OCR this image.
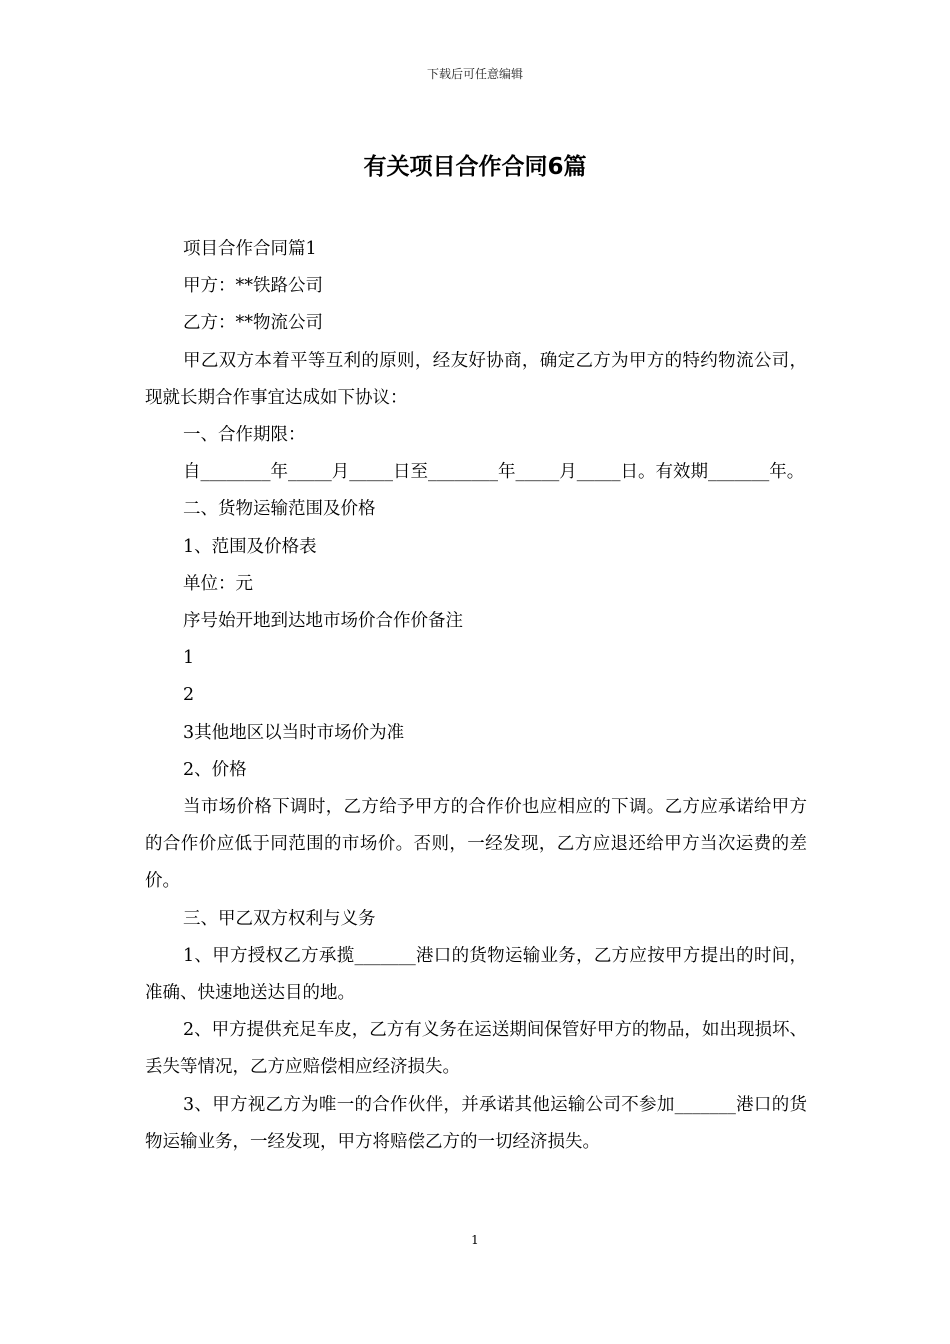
下载后可任意编辑
有关项目合作合同6篇

项目合作合同篇1

甲方：**铁路公司

乙方：**物流公司

甲乙双方本着平等互利的原则，经友好协商，确定乙方为甲方的特约物流公司，现就长期合作事宜达成如下协议：

一、合作期限：

自________年_____月_____日至________年_____月_____日。有效期_______年。

二、货物运输范围及价格

1、范围及价格表

单位：元

序号始开地到达地市场价合作价备注

1

2

3其他地区以当时市场价为准

2、价格

当市场价格下调时，乙方给予甲方的合作价也应相应的下调。乙方应承诺给甲方的合作价应低于同范围的市场价。否则，一经发现，乙方应退还给甲方当次运费的差价。

三、甲乙双方权利与义务

1、甲方授权乙方承揽_______港口的货物运输业务，乙方应按甲方提出的时间，准确、快速地送达目的地。

2、甲方提供充足车皮，乙方有义务在运送期间保管好甲方的物品，如出现损坏、丢失等情况，乙方应赔偿相应经济损失。

3、甲方视乙方为唯一的合作伙伴，并承诺其他运输公司不参加_______港口的货物运输业务，一经发现，甲方将赔偿乙方的一切经济损失。

1
